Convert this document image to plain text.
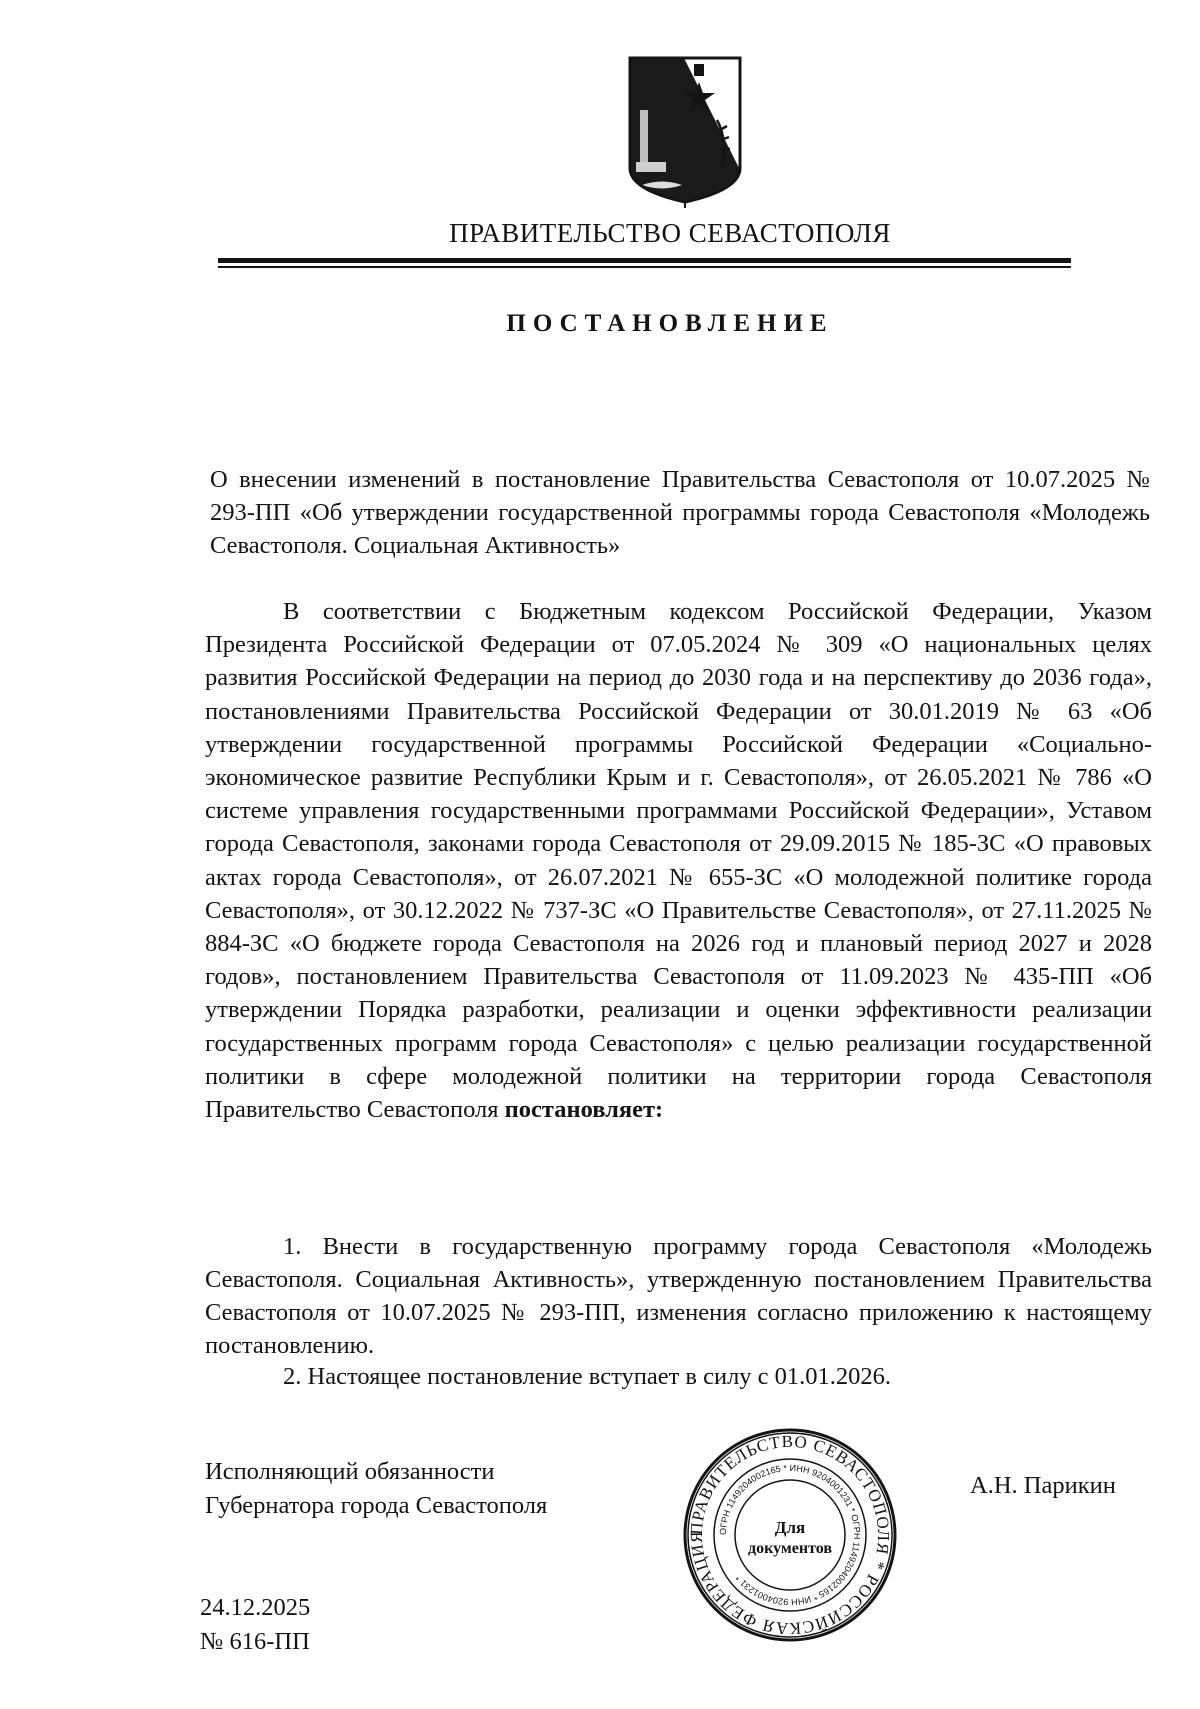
ПРАВИТЕЛЬСТВО СЕВАСТОПОЛЯ
ПОСТАНОВЛЕНИЕ
О внесении изменений в постановление Правительства Севастополя от 10.07.2025 № 293-ПП «Об утверждении государственной программы города Севастополя «Молодежь Севастополя. Социальная Активность»

В соответствии с Бюджетным кодексом Российской Федерации, Указом Президента Российской Федерации от 07.05.2024 № 309 «О национальных целях развития Российской Федерации на период до 2030 года и на перспективу до 2036 года», постановлениями Правительства Российской Федерации от 30.01.2019 № 63 «Об утверждении государственной программы Российской Федерации «Социально-экономическое развитие Республики Крым и г. Севастополя», от 26.05.2021 № 786 «О системе управления государственными программами Российской Федерации», Уставом города Севастополя, законами города Севастополя от 29.09.2015 № 185-ЗС «О правовых актах города Севастополя», от 26.07.2021 № 655-ЗС «О молодежной политике города Севастополя», от 30.12.2022 № 737-ЗС «О Правительстве Севастополя», от 27.11.2025 № 884-ЗС «О бюджете города Севастополя на 2026 год и плановый период 2027 и 2028 годов», постановлением Правительства Севастополя от 11.09.2023 № 435-ПП «Об утверждении Порядка разработки, реализации и оценки эффективности реализации государственных программ города Севастополя» с целью реализации государственной политики в сфере молодежной политики на территории города Севастополя Правительство Севастополя постановляет:

1. Внести в государственную программу города Севастополя «Молодежь Севастополя. Социальная Активность», утвержденную постановлением Правительства Севастополя от 10.07.2025 № 293-ПП, изменения согласно приложению к настоящему постановлению.

2. Настоящее постановление вступает в силу с 01.01.2026.

Исполняющий обязанности
Губернатора города Севастополя
ПРАВИТЕЛЬСТВО СЕВАСТОПОЛЯ * РОССИЙСКАЯ ФЕДЕРАЦИЯ	ОГРН 1149204002165 * ИНН 9204001231 * ОГРН 1149204002165 * ИНН 9204001231 *
Для
документов
А.Н. Парикин
24.12.2025
№ 616-ПП
